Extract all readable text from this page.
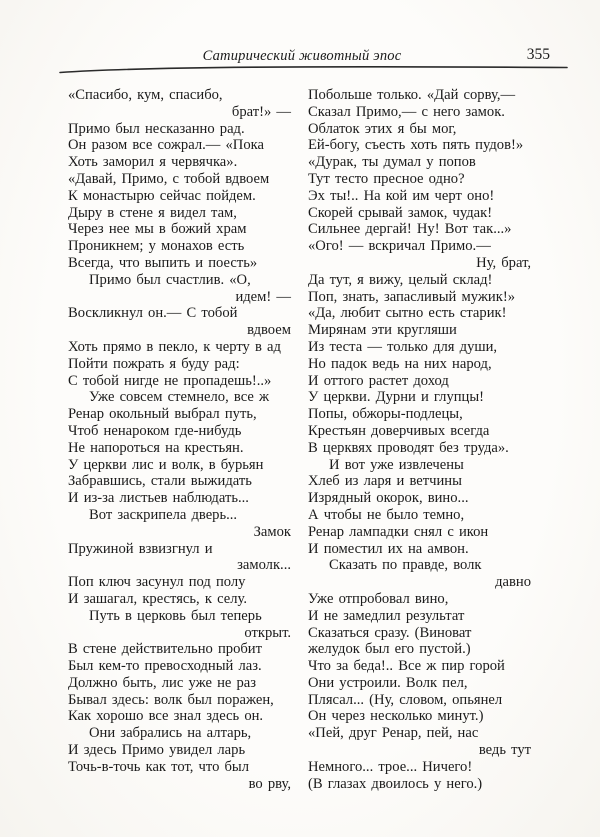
Сатирический животный эпос	355
«Спасибо, кум, спасибо,
брат!» —
Примо был несказанно рад.
Он разом все сожрал.— «Пока
Хоть заморил я червячка».
«Давай, Примо, с тобой вдвоем
К монастырю сейчас пойдем.
Дыру в стене я видел там,
Через нее мы в божий храм
Проникнем; у монахов есть
Всегда, что выпить и поесть»
Примо был счастлив. «О,
идем! —
Воскликнул он.— С тобой
вдвоем
Хоть прямо в пекло, к черту в ад
Пойти пожрать я буду рад:
С тобой нигде не пропадешь!..»
Уже совсем стемнело, все ж
Ренар окольный выбрал путь,
Чтоб ненароком где-нибудь
Не напороться на крестьян.
У церкви лис и волк, в бурьян
Забравшись, стали выжидать
И из-за листьев наблюдать...
Вот заскрипела дверь...
Замок
Пружиной взвизгнул и
замолк...
Поп ключ засунул под полу
И зашагал, крестясь, к селу.
Путь в церковь был теперь
открыт.
В стене действительно пробит
Был кем-то превосходный лаз.
Должно быть, лис уже не раз
Бывал здесь: волк был поражен,
Как хорошо все знал здесь он.
Они забрались на алтарь,
И здесь Примо увидел ларь
Точь-в-точь как тот, что был
во рву,
Побольше только. «Дай сорву,—
Сказал Примо,— с него замок.
Облаток этих я бы мог,
Ей-богу, съесть хоть пять пудов!»
«Дурак, ты думал у попов
Тут тесто пресное одно?
Эх ты!.. На кой им черт оно!
Скорей срывай замок, чудак!
Сильнее дергай! Ну! Вот так...»
«Ого! — вскричал Примо.—
Ну, брат,
Да тут, я вижу, целый склад!
Поп, знать, запасливый мужик!»
«Да, любит сытно есть старик!
Мирянам эти кругляши
Из теста — только для души,
Но падок ведь на них народ,
И оттого растет доход
У церкви. Дурни и глупцы!
Попы, обжоры-подлецы,
Крестьян доверчивых всегда
В церквях проводят без труда».
И вот уже извлечены
Хлеб из ларя и ветчины
Изрядный окорок, вино...
А чтобы не было темно,
Ренар лампадки снял с икон
И поместил их на амвон.
Сказать по правде, волк
давно
Уже отпробовал вино,
И не замедлил результат
Сказаться сразу. (Виноват
желудок был его пустой.)
Что за беда!.. Все ж пир горой
Они устроили. Волк пел,
Плясал... (Ну, словом, опьянел
Он через несколько минут.)
«Пей, друг Ренар, пей, нас
ведь тут
Немного... трое... Ничего!
(В глазах двоилось у него.)
